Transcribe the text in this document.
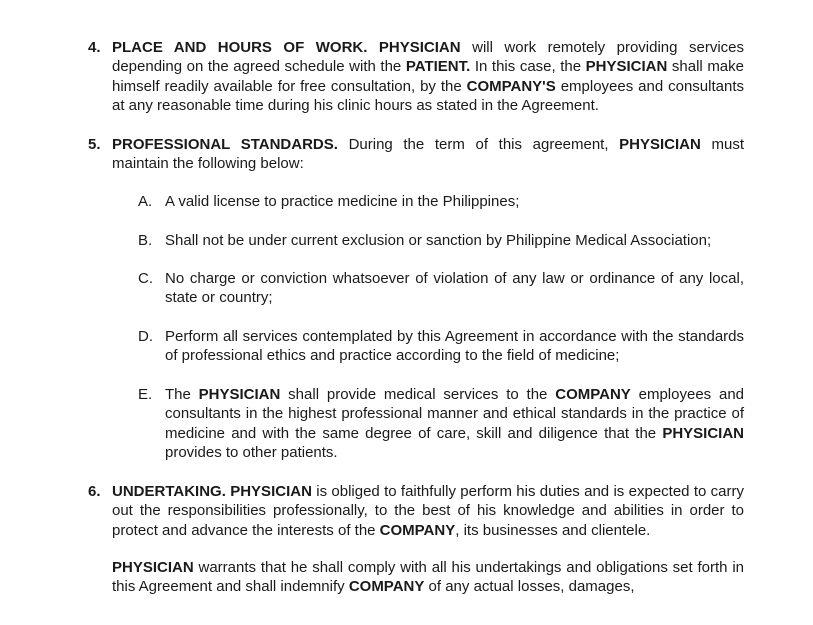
4. PLACE AND HOURS OF WORK. PHYSICIAN will work remotely providing services depending on the agreed schedule with the PATIENT. In this case, the PHYSICIAN shall make himself readily available for free consultation, by the COMPANY'S employees and consultants at any reasonable time during his clinic hours as stated in the Agreement.
5. PROFESSIONAL STANDARDS. During the term of this agreement, PHYSICIAN must maintain the following below:
A. A valid license to practice medicine in the Philippines;
B. Shall not be under current exclusion or sanction by Philippine Medical Association;
C. No charge or conviction whatsoever of violation of any law or ordinance of any local, state or country;
D. Perform all services contemplated by this Agreement in accordance with the standards of professional ethics and practice according to the field of medicine;
E. The PHYSICIAN shall provide medical services to the COMPANY employees and consultants in the highest professional manner and ethical standards in the practice of medicine and with the same degree of care, skill and diligence that the PHYSICIAN provides to other patients.
6. UNDERTAKING. PHYSICIAN is obliged to faithfully perform his duties and is expected to carry out the responsibilities professionally, to the best of his knowledge and abilities in order to protect and advance the interests of the COMPANY, its businesses and clientele.
PHYSICIAN warrants that he shall comply with all his undertakings and obligations set forth in this Agreement and shall indemnify COMPANY of any actual losses, damages,
